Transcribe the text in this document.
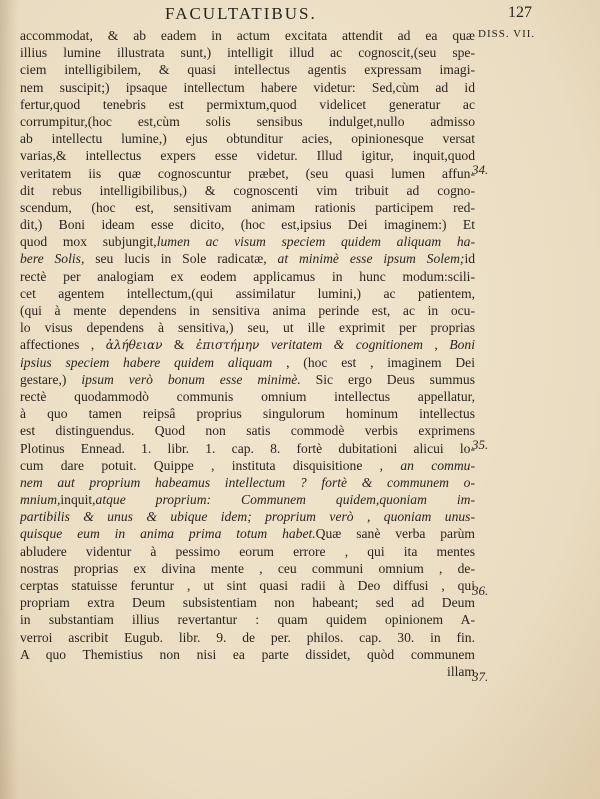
FACULTATIBUS.	127
DISS. VII.
accommodat, & ab eadem in actum excitata attendit ad ea quæ
illius lumine illustrata sunt,) intelligit illud ac cognoscit,(seu spe-
ciem intelligibilem, & quasi intellectus agentis expressam imagi-
nem suscipit;) ipsaque intellectum habere videtur: Sed,cùm ad id
fertur,quod tenebris est permixtum,quod videlicet generatur ac
corrumpitur,(hoc est,cùm solis sensibus indulget,nullo admisso
ab intellectu lumine,) ejus obtunditur acies, opinionesque versat
varias,& intellectus expers esse videtur. Illud igitur, inquit,quod
veritatem iis quæ cognoscuntur præbet, (seu quasi lumen affun-
dit rebus intelligibilibus,) & cognoscenti vim tribuit ad cogno-
scendum, (hoc est, sensitivam animam rationis participem red-
dit,) Boni ideam esse dicito, (hoc est,ipsius Dei imaginem:) Et
quod mox subjungit,lumen ac visum speciem quidem aliquam ha-
bere Solis, seu lucis in Sole radicatæ, at minimè esse ipsum Solem;id
rectè per analogiam ex eodem applicamus in hunc modum:scili-
cet agentem intellectum,(qui assimilatur lumini,) ac patientem,
(qui à mente dependens in sensitiva anima perinde est, ac in ocu-
lo visus dependens à sensitiva,) seu, ut ille exprimit per proprias
affectiones , ἀλήθειαν & ἐπιστήμην veritatem & cognitionem , Boni
ipsius speciem habere quidem aliquam , (hoc est , imaginem Dei
gestare,) ipsum verò bonum esse minimè. Sic ergo Deus summus
rectè quodammodò communis omnium intellectus appellatur,
à quo tamen reipsâ proprius singulorum hominum intellectus
est distinguendus. Quod non satis commodè verbis exprimens
Plotinus Ennead. 1. libr. 1. cap. 8. fortè dubitationi alicui lo-
cum dare potuit. Quippe , instituta disquisitione , an commu-
nem aut proprium habeamus intellectum ? fortè & communem o-
mnium,inquit,atque proprium: Communem quidem,quoniam im-
partibilis & unus & ubique idem; proprium verò , quoniam unus-
quisque eum in anima prima totum habet.Quæ sanè verba parùm
abludere videntur à pessimo eorum errore , qui ita mentes
nostras proprias ex divina mente , ceu communi omnium , de-
cerptas statuisse feruntur , ut sint quasi radii à Deo diffusi , qui
propriam extra Deum subsistentiam non habeant; sed ad Deum
in substantiam illius revertantur : quam quidem opinionem A-
verroi ascribit Eugub. libr. 9. de per. philos. cap. 30. in fin.
A quo Themistius non nisi ea parte dissidet, quòd communem
illam
34.
35.
36.
37.
